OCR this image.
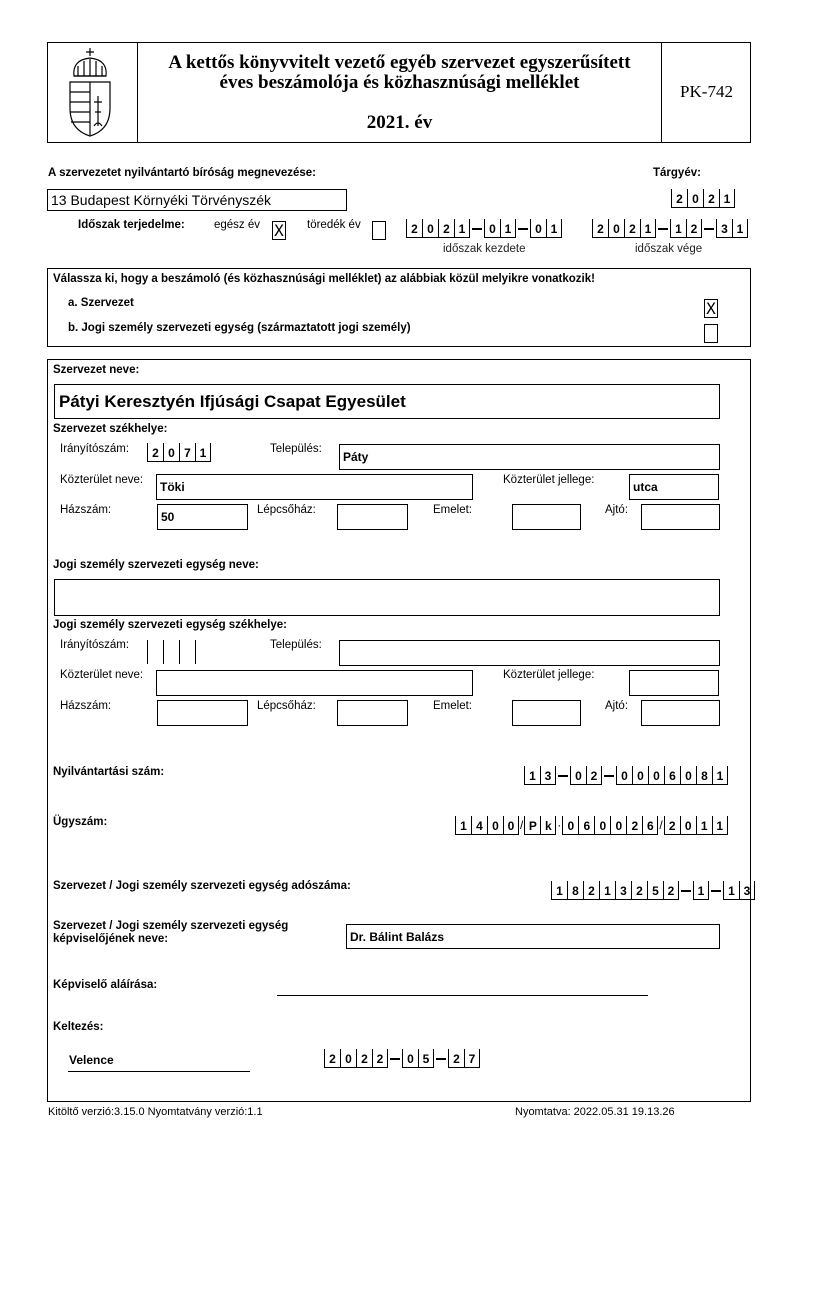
A kettős könyvvitelt vezető egyéb szervezet egyszerűsített
éves beszámolója és közhasznúsági melléklet
2021. év
PK-742
A szervezetet nyilvántartó bíróság megnevezése:	Tárgyév:
13 Budapest Környéki Törvényszék	2 0 2 1
Időszak terjedelme:	egész év X töredék év	2 0 2 1	0 1	0 1
időszak kezdete
2 0 2 1	1 2	3 1
időszak vége
Válassza ki, hogy a beszámoló (és közhasznúsági melléklet) az alábbiak közül melyikre vonatkozik!
a. Szervezet	X
b. Jogi személy szervezeti egység (származtatott jogi személy)
Szervezet neve:
Pátyi Keresztyén Ifjúsági Csapat Egyesület
Szervezet székhelye:
Irányítószám:	2 0 7 1	Település:
Páty
Közterület neve:	Töki	Közterület jellege:	utca
Házszám:	50	Lépcsőház:	Emelet:	Ajtó:
Jogi személy szervezeti egység neve:
Jogi személy szervezeti egység székhelye:
Irányítószám:	Település:
Közterület neve:	Közterület jellege:
Házszám:	Lépcsőház:	Emelet:	Ajtó:
Nyilvántartási szám:	1 3	0 2	0 0 0 6 0 8 1
Ügyszám:	1 4 0 0 / P k · 0 6 0 0 2 6 / 2 0 1 1
Szervezet / Jogi személy szervezeti egység adószáma:	1 8 2 1 3 2 5 2	1	1 3
Szervezet / Jogi személy szervezeti egység
képviselőjének neve:	Dr. Bálint Balázs
Képviselő aláírása:
Keltezés:
Velence	2 0 2 2	0 5	2 7
Kitöltő verzió:3.15.0 Nyomtatvány verzió:1.1	Nyomtatva: 2022.05.31 19.13.26
